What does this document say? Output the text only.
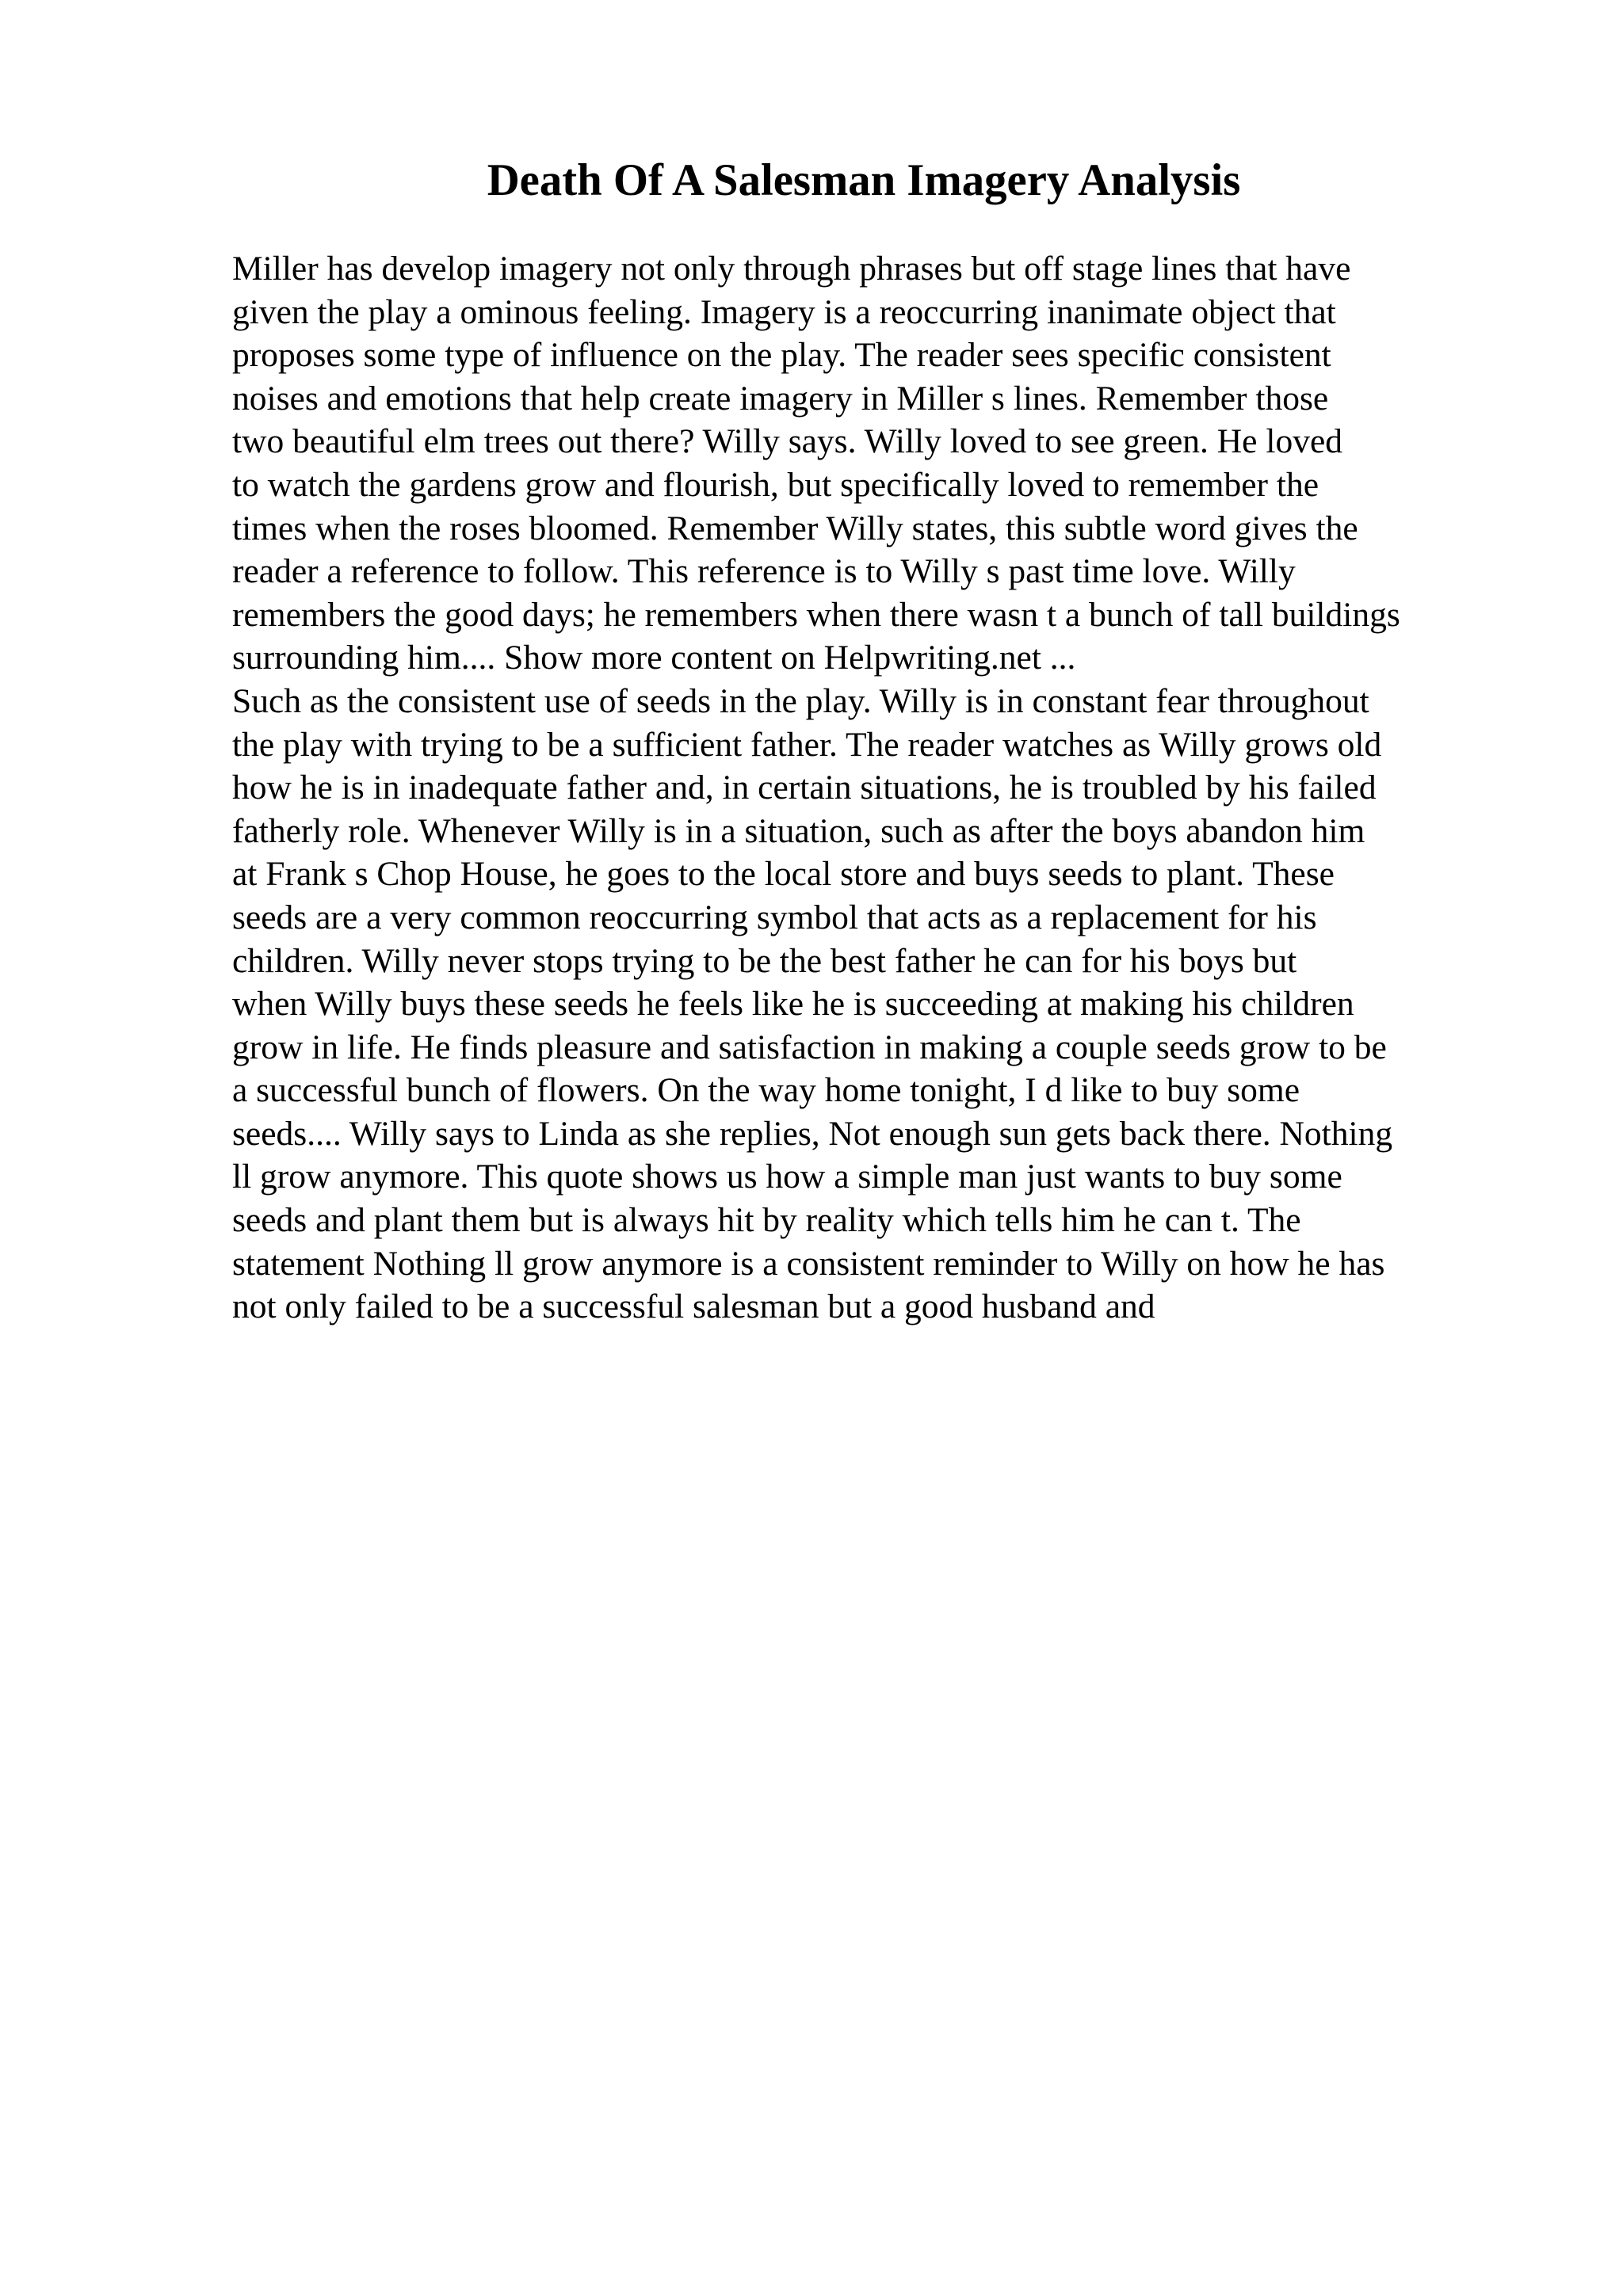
Death Of A Salesman Imagery Analysis
Miller has develop imagery not only through phrases but off stage lines that have
given the play a ominous feeling. Imagery is a reoccurring inanimate object that
proposes some type of influence on the play. The reader sees specific consistent
noises and emotions that help create imagery in Miller s lines. Remember those
two beautiful elm trees out there? Willy says. Willy loved to see green. He loved
to watch the gardens grow and flourish, but specifically loved to remember the
times when the roses bloomed. Remember Willy states, this subtle word gives the
reader a reference to follow. This reference is to Willy s past time love. Willy
remembers the good days; he remembers when there wasn t a bunch of tall buildings
surrounding him.... Show more content on Helpwriting.net ...
Such as the consistent use of seeds in the play. Willy is in constant fear throughout
the play with trying to be a sufficient father. The reader watches as Willy grows old
how he is in inadequate father and, in certain situations, he is troubled by his failed
fatherly role. Whenever Willy is in a situation, such as after the boys abandon him
at Frank s Chop House, he goes to the local store and buys seeds to plant. These
seeds are a very common reoccurring symbol that acts as a replacement for his
children. Willy never stops trying to be the best father he can for his boys but
when Willy buys these seeds he feels like he is succeeding at making his children
grow in life. He finds pleasure and satisfaction in making a couple seeds grow to be
a successful bunch of flowers. On the way home tonight, I d like to buy some
seeds.... Willy says to Linda as she replies, Not enough sun gets back there. Nothing
ll grow anymore. This quote shows us how a simple man just wants to buy some
seeds and plant them but is always hit by reality which tells him he can t. The
statement Nothing ll grow anymore is a consistent reminder to Willy on how he has
not only failed to be a successful salesman but a good husband and
